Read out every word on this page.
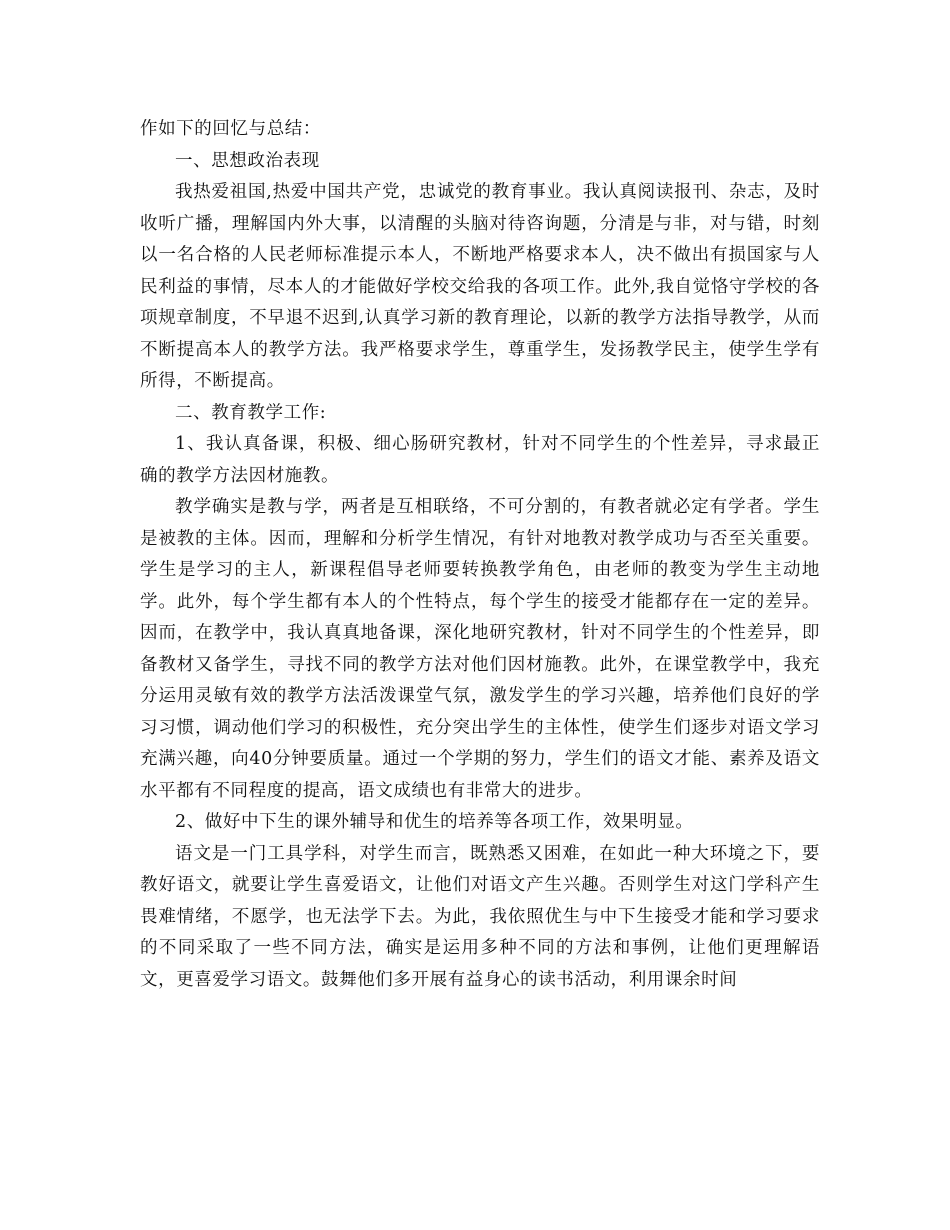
作如下的回忆与总结：

一、思想政治表现

我热爱祖国,热爱中国共产党，忠诚党的教育事业。我认真阅读报刊、杂志，及时收听广播，理解国内外大事，以清醒的头脑对待咨询题，分清是与非，对与错，时刻以一名合格的人民老师标准提示本人，不断地严格要求本人，决不做出有损国家与人民利益的事情，尽本人的才能做好学校交给我的各项工作。此外,我自觉恪守学校的各项规章制度，不早退不迟到,认真学习新的教育理论，以新的教学方法指导教学，从而不断提高本人的教学方法。我严格要求学生，尊重学生，发扬教学民主，使学生学有所得，不断提高。

二、教育教学工作:

1、我认真备课，积极、细心肠研究教材，针对不同学生的个性差异，寻求最正确的教学方法因材施教。

教学确实是教与学，两者是互相联络，不可分割的，有教者就必定有学者。学生是被教的主体。因而，理解和分析学生情况，有针对地教对教学成功与否至关重要。学生是学习的主人，新课程倡导老师要转换教学角色，由老师的教变为学生主动地学。此外，每个学生都有本人的个性特点，每个学生的接受才能都存在一定的差异。因而，在教学中，我认真真地备课，深化地研究教材，针对不同学生的个性差异，即备教材又备学生，寻找不同的教学方法对他们因材施教。此外，在课堂教学中，我充分运用灵敏有效的教学方法活泼课堂气氛，激发学生的学习兴趣，培养他们良好的学习习惯，调动他们学习的积极性，充分突出学生的主体性，使学生们逐步对语文学习充满兴趣，向40分钟要质量。通过一个学期的努力，学生们的语文才能、素养及语文水平都有不同程度的提高，语文成绩也有非常大的进步。

2、做好中下生的课外辅导和优生的培养等各项工作，效果明显。

语文是一门工具学科，对学生而言，既熟悉又困难，在如此一种大环境之下，要教好语文，就要让学生喜爱语文，让他们对语文产生兴趣。否则学生对这门学科产生畏难情绪，不愿学，也无法学下去。为此，我依照优生与中下生接受才能和学习要求的不同采取了一些不同方法，确实是运用多种不同的方法和事例，让他们更理解语文，更喜爱学习语文。鼓舞他们多开展有益身心的读书活动，利用课余时间
